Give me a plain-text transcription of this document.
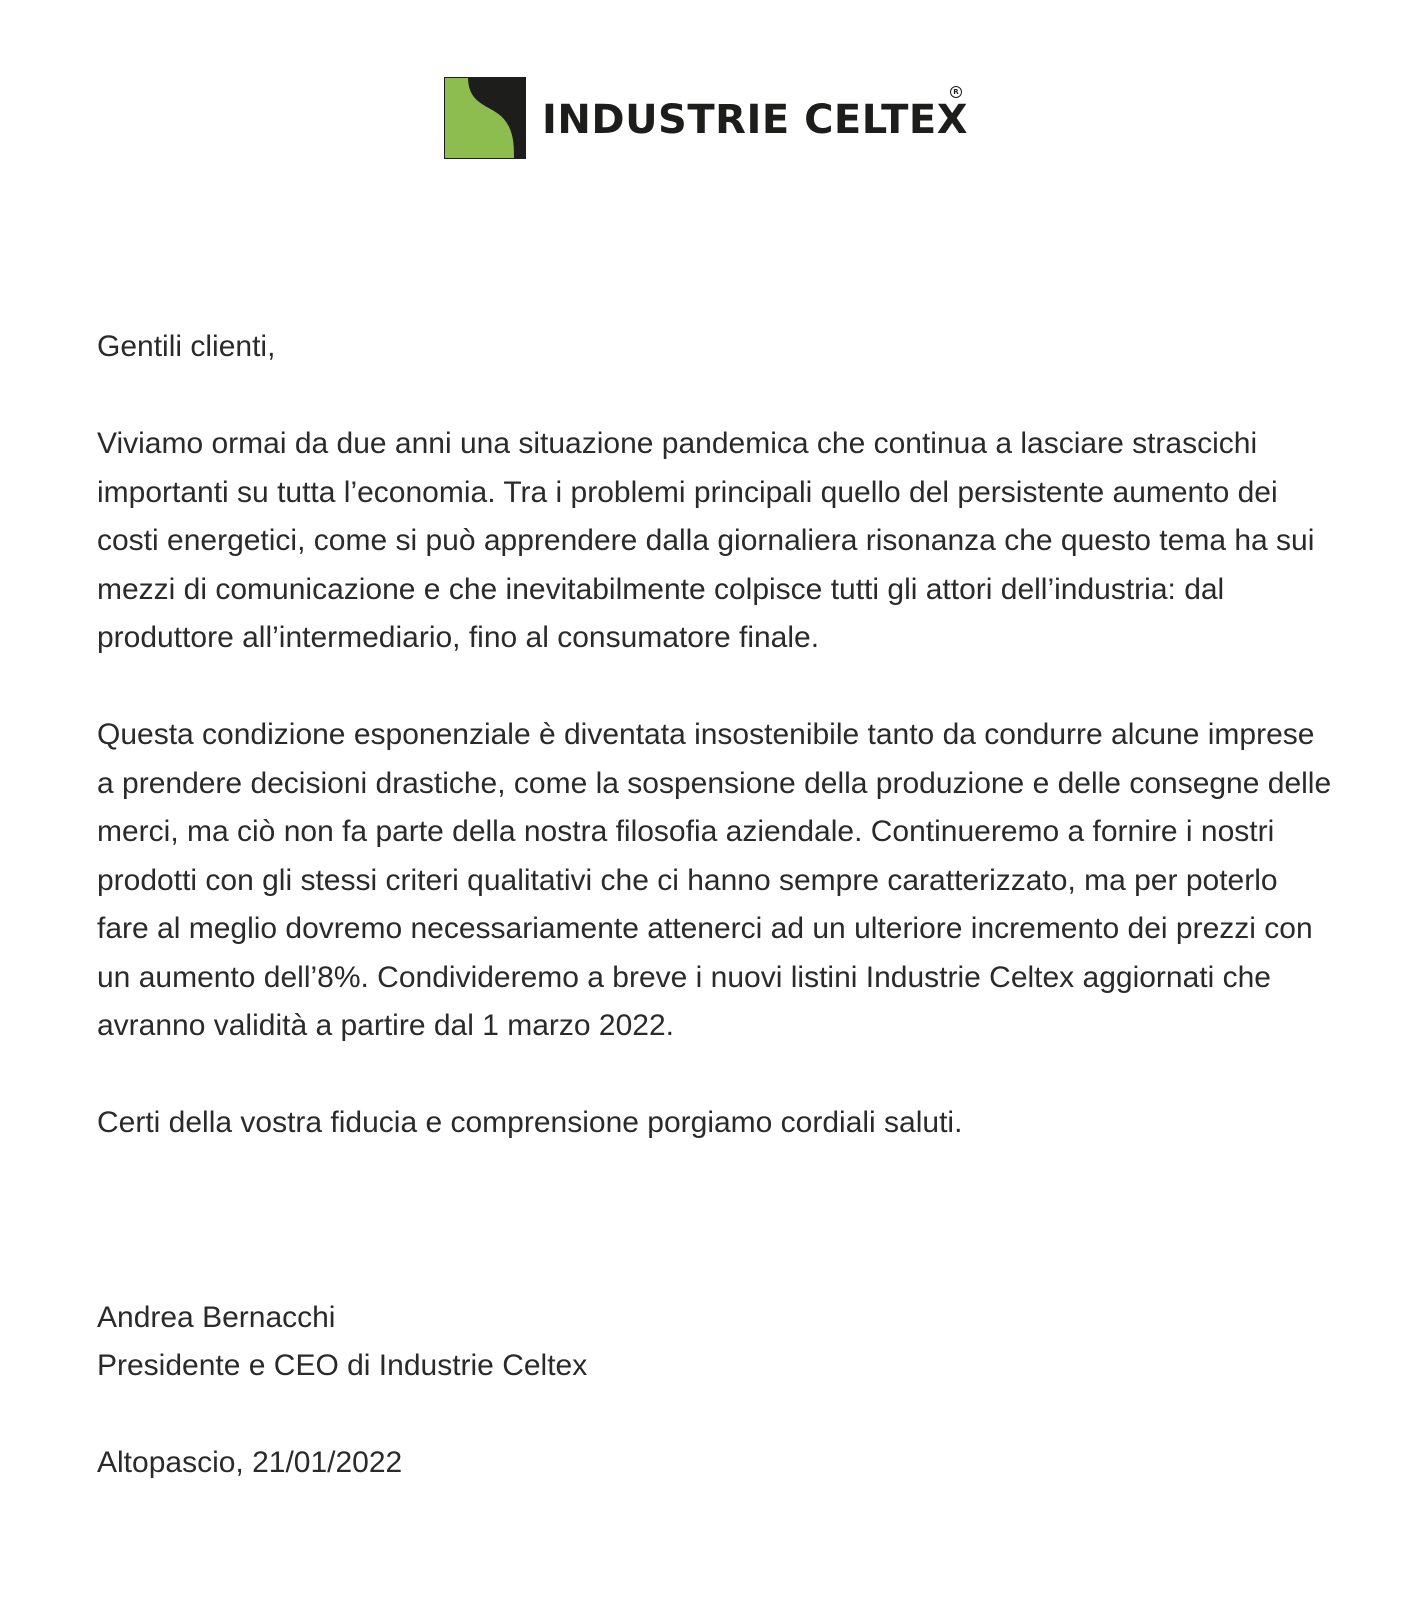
INDUSTRIE CELTEX
R

Gentili clienti,

Viviamo ormai da due anni una situazione pandemica che continua a lasciare strascichi importanti su tutta l’economia. Tra i problemi principali quello del persistente aumento dei costi energetici, come si può apprendere dalla giornaliera risonanza che questo tema ha sui mezzi di comunicazione e che inevitabilmente colpisce tutti gli attori dell’industria: dal produttore all’intermediario, fino al consumatore finale.

Questa condizione esponenziale è diventata insostenibile tanto da condurre alcune imprese a prendere decisioni drastiche, come la sospensione della produzione e delle consegne delle merci, ma ciò non fa parte della nostra filosofia aziendale. Continueremo a fornire i nostri prodotti con gli stessi criteri qualitativi che ci hanno sempre caratterizzato, ma per poterlo fare al meglio dovremo necessariamente attenerci ad un ulteriore incremento dei prezzi con un aumento dell’8%. Condivideremo a breve i nuovi listini Industrie Celtex aggiornati che avranno validità a partire dal 1 marzo 2022.

Certi della vostra fiducia e comprensione porgiamo cordiali saluti.

Andrea Bernacchi

Presidente e CEO di Industrie Celtex

Altopascio, 21/01/2022
